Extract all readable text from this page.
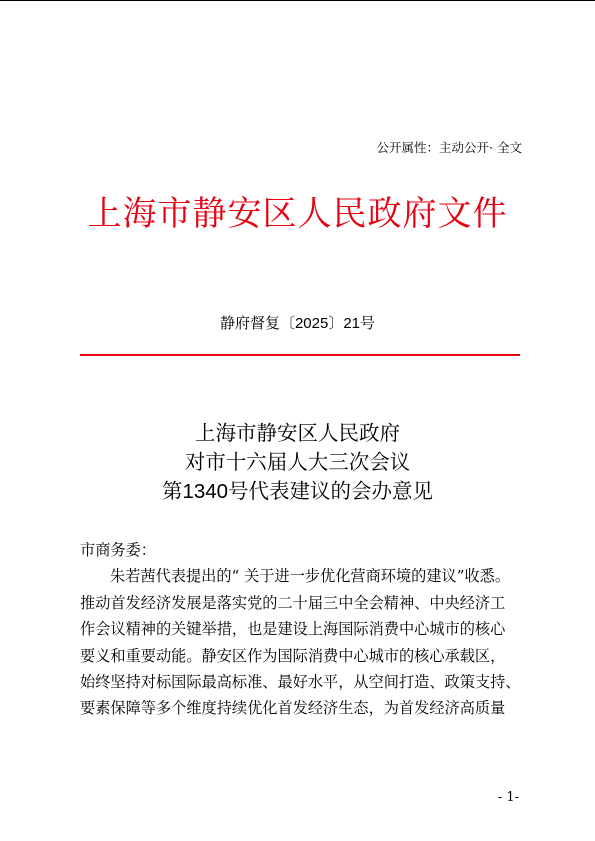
公开属性：主动公开· 全文
上海市静安区人民政府文件
静府督复〔2025〕21号
上海市静安区人民政府
对市十六届人大三次会议
第1340号代表建议的会办意见
市商务委：
朱若茜代表提出的“ 关于进一步优化营商环境的建议”收悉。
推动首发经济发展是落实党的二十届三中全会精神、中央经济工
作会议精神的关键举措，也是建设上海国际消费中心城市的核心
要义和重要动能。静安区作为国际消费中心城市的核心承载区，
始终坚持对标国际最高标准、最好水平，从空间打造、政策支持、
要素保障等多个维度持续优化首发经济生态，为首发经济高质量
- 1-
